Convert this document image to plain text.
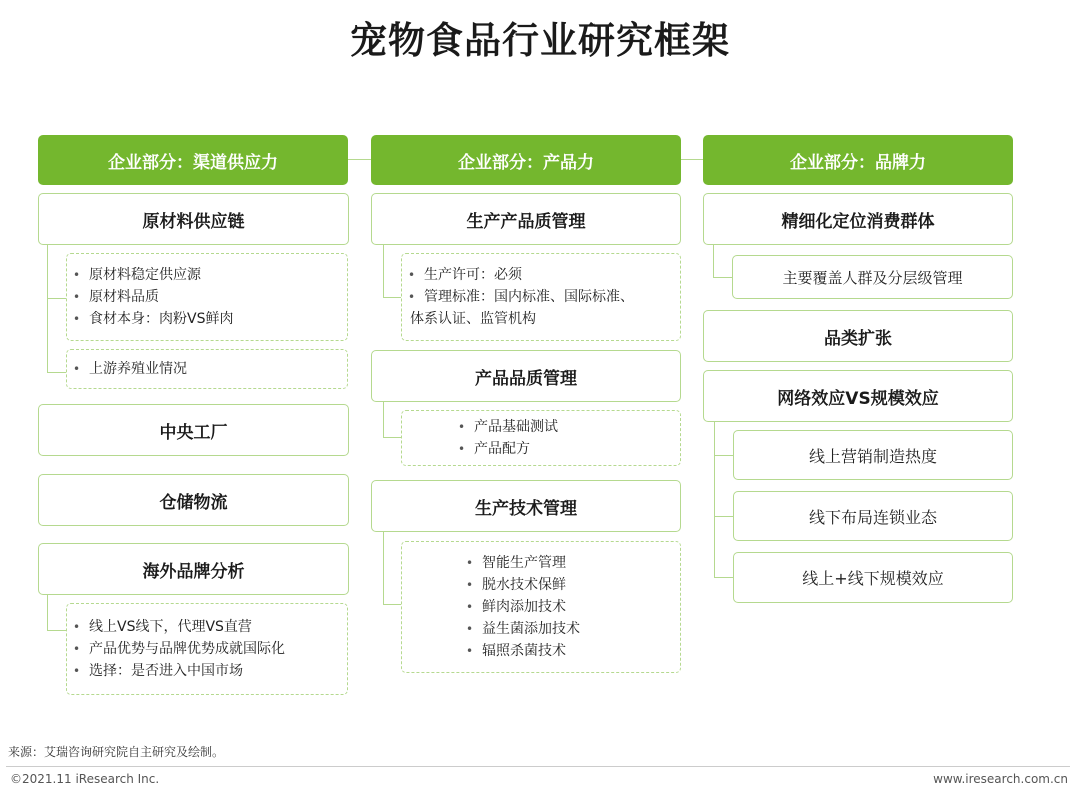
宠物食品行业研究框架
企业部分：渠道供应力
原材料供应链
• 原材料稳定供应源
• 原材料品质
• 食材本身：肉粉VS鲜肉
• 上游养殖业情况
中央工厂
仓储物流
海外品牌分析
• 线上VS线下，代理VS直营
• 产品优势与品牌优势成就国际化
• 选择：是否进入中国市场
企业部分：产品力
生产产品质管理
• 生产许可：必须
• 管理标准：国内标准、国际标准、
体系认证、监管机构
产品品质管理
• 产品基础测试
• 产品配方
生产技术管理
• 智能生产管理
• 脱水技术保鲜
• 鲜肉添加技术
• 益生菌添加技术
• 辐照杀菌技术
企业部分：品牌力
精细化定位消费群体
主要覆盖人群及分层级管理
品类扩张
网络效应VS规模效应
线上营销制造热度
线下布局连锁业态
线上+线下规模效应
来源：艾瑞咨询研究院自主研究及绘制。
©2021.11 iResearch Inc.	www.iresearch.com.cn
